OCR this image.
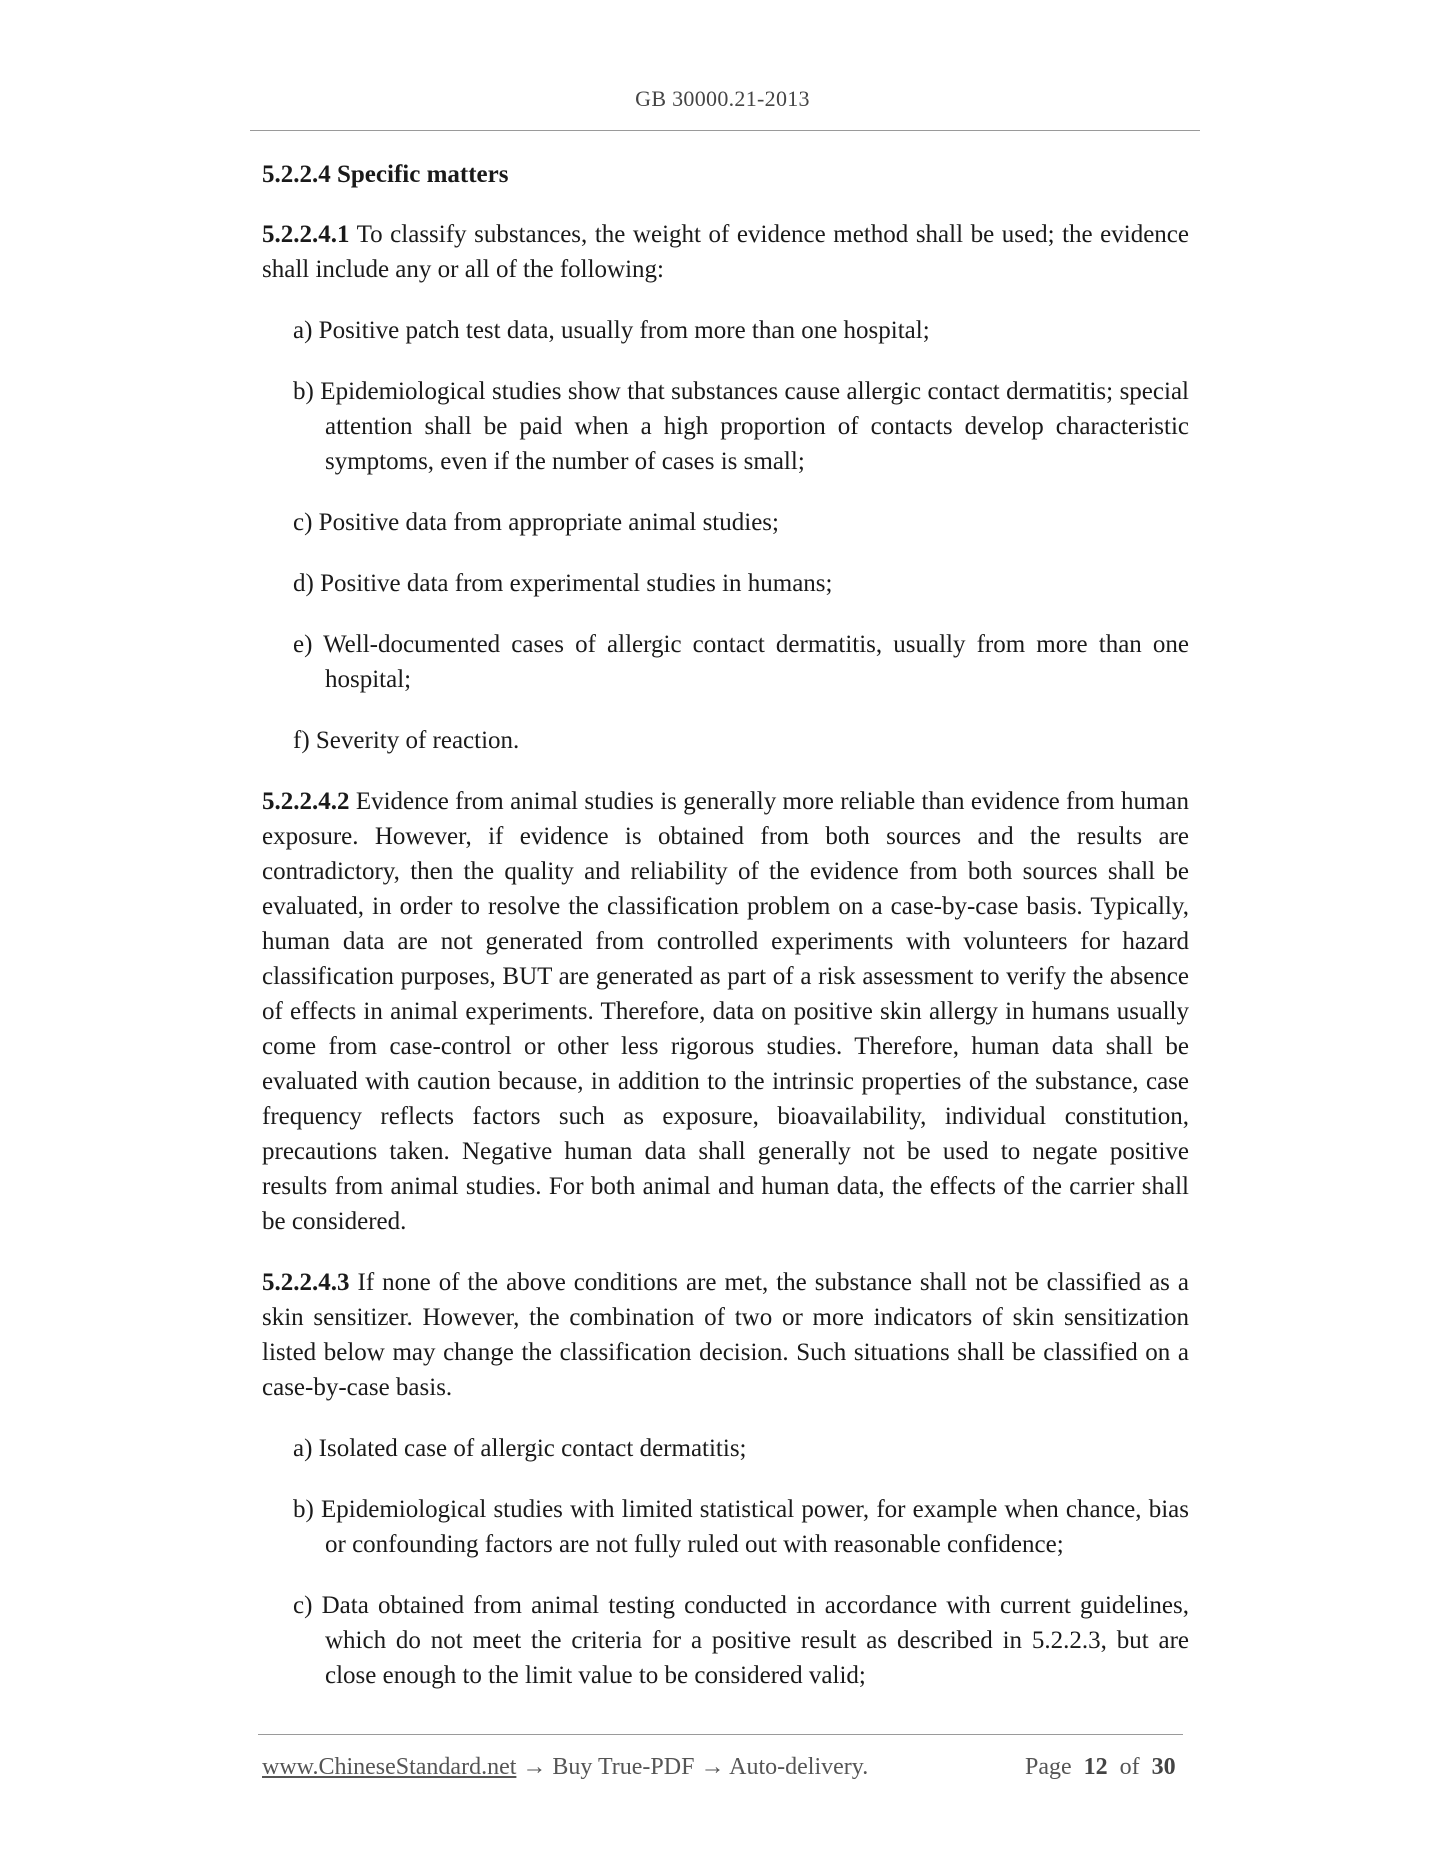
GB 30000.21-2013
5.2.2.4 Specific matters
5.2.2.4.1 To classify substances, the weight of evidence method shall be used; the evidence shall include any or all of the following:
a) Positive patch test data, usually from more than one hospital;
b) Epidemiological studies show that substances cause allergic contact dermatitis; special attention shall be paid when a high proportion of contacts develop characteristic symptoms, even if the number of cases is small;
c) Positive data from appropriate animal studies;
d) Positive data from experimental studies in humans;
e) Well-documented cases of allergic contact dermatitis, usually from more than one hospital;
f) Severity of reaction.
5.2.2.4.2 Evidence from animal studies is generally more reliable than evidence from human exposure. However, if evidence is obtained from both sources and the results are contradictory, then the quality and reliability of the evidence from both sources shall be evaluated, in order to resolve the classification problem on a case-by-case basis. Typically, human data are not generated from controlled experiments with volunteers for hazard classification purposes, BUT are generated as part of a risk assessment to verify the absence of effects in animal experiments. Therefore, data on positive skin allergy in humans usually come from case-control or other less rigorous studies. Therefore, human data shall be evaluated with caution because, in addition to the intrinsic properties of the substance, case frequency reflects factors such as exposure, bioavailability, individual constitution, precautions taken. Negative human data shall generally not be used to negate positive results from animal studies. For both animal and human data, the effects of the carrier shall be considered.
5.2.2.4.3 If none of the above conditions are met, the substance shall not be classified as a skin sensitizer. However, the combination of two or more indicators of skin sensitization listed below may change the classification decision. Such situations shall be classified on a case-by-case basis.
a) Isolated case of allergic contact dermatitis;
b) Epidemiological studies with limited statistical power, for example when chance, bias or confounding factors are not fully ruled out with reasonable confidence;
c) Data obtained from animal testing conducted in accordance with current guidelines, which do not meet the criteria for a positive result as described in 5.2.2.3, but are close enough to the limit value to be considered valid;
www.ChineseStandard.net → Buy True-PDF → Auto-delivery.	Page 12 of 30
